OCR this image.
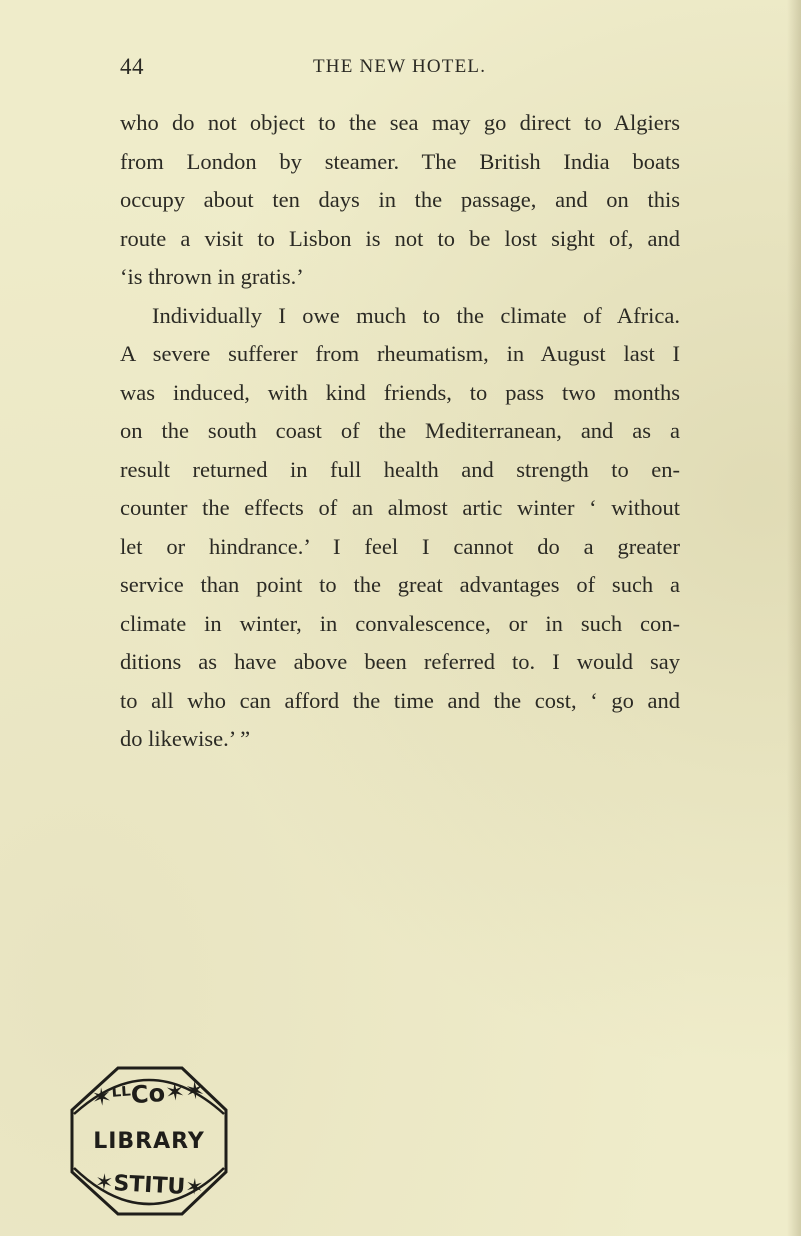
44	THE NEW HOTEL.
who do not object to the sea may go direct to Algiers
from London by steamer. The British India boats
occupy about ten days in the passage, and on this
route a visit to Lisbon is not to be lost sight of, and
‘is thrown in gratis.’
Individually I owe much to the climate of Africa.
A severe sufferer from rheumatism, in August last I
was induced, with kind friends, to pass two months
on the south coast of the Mediterranean, and as a
result returned in full health and strength to en-
counter the effects of an almost artic winter ‘ without
let or hindrance.’ I feel I cannot do a greater
service than point to the great advantages of such a
climate in winter, in convalescence, or in such con-
ditions as have above been referred to. I would say
to all who can afford the time and the cost, ‘ go and
do likewise.’ ”
✶ᴸᴸCo✶✶
LIBRARY
✶STITU✶
